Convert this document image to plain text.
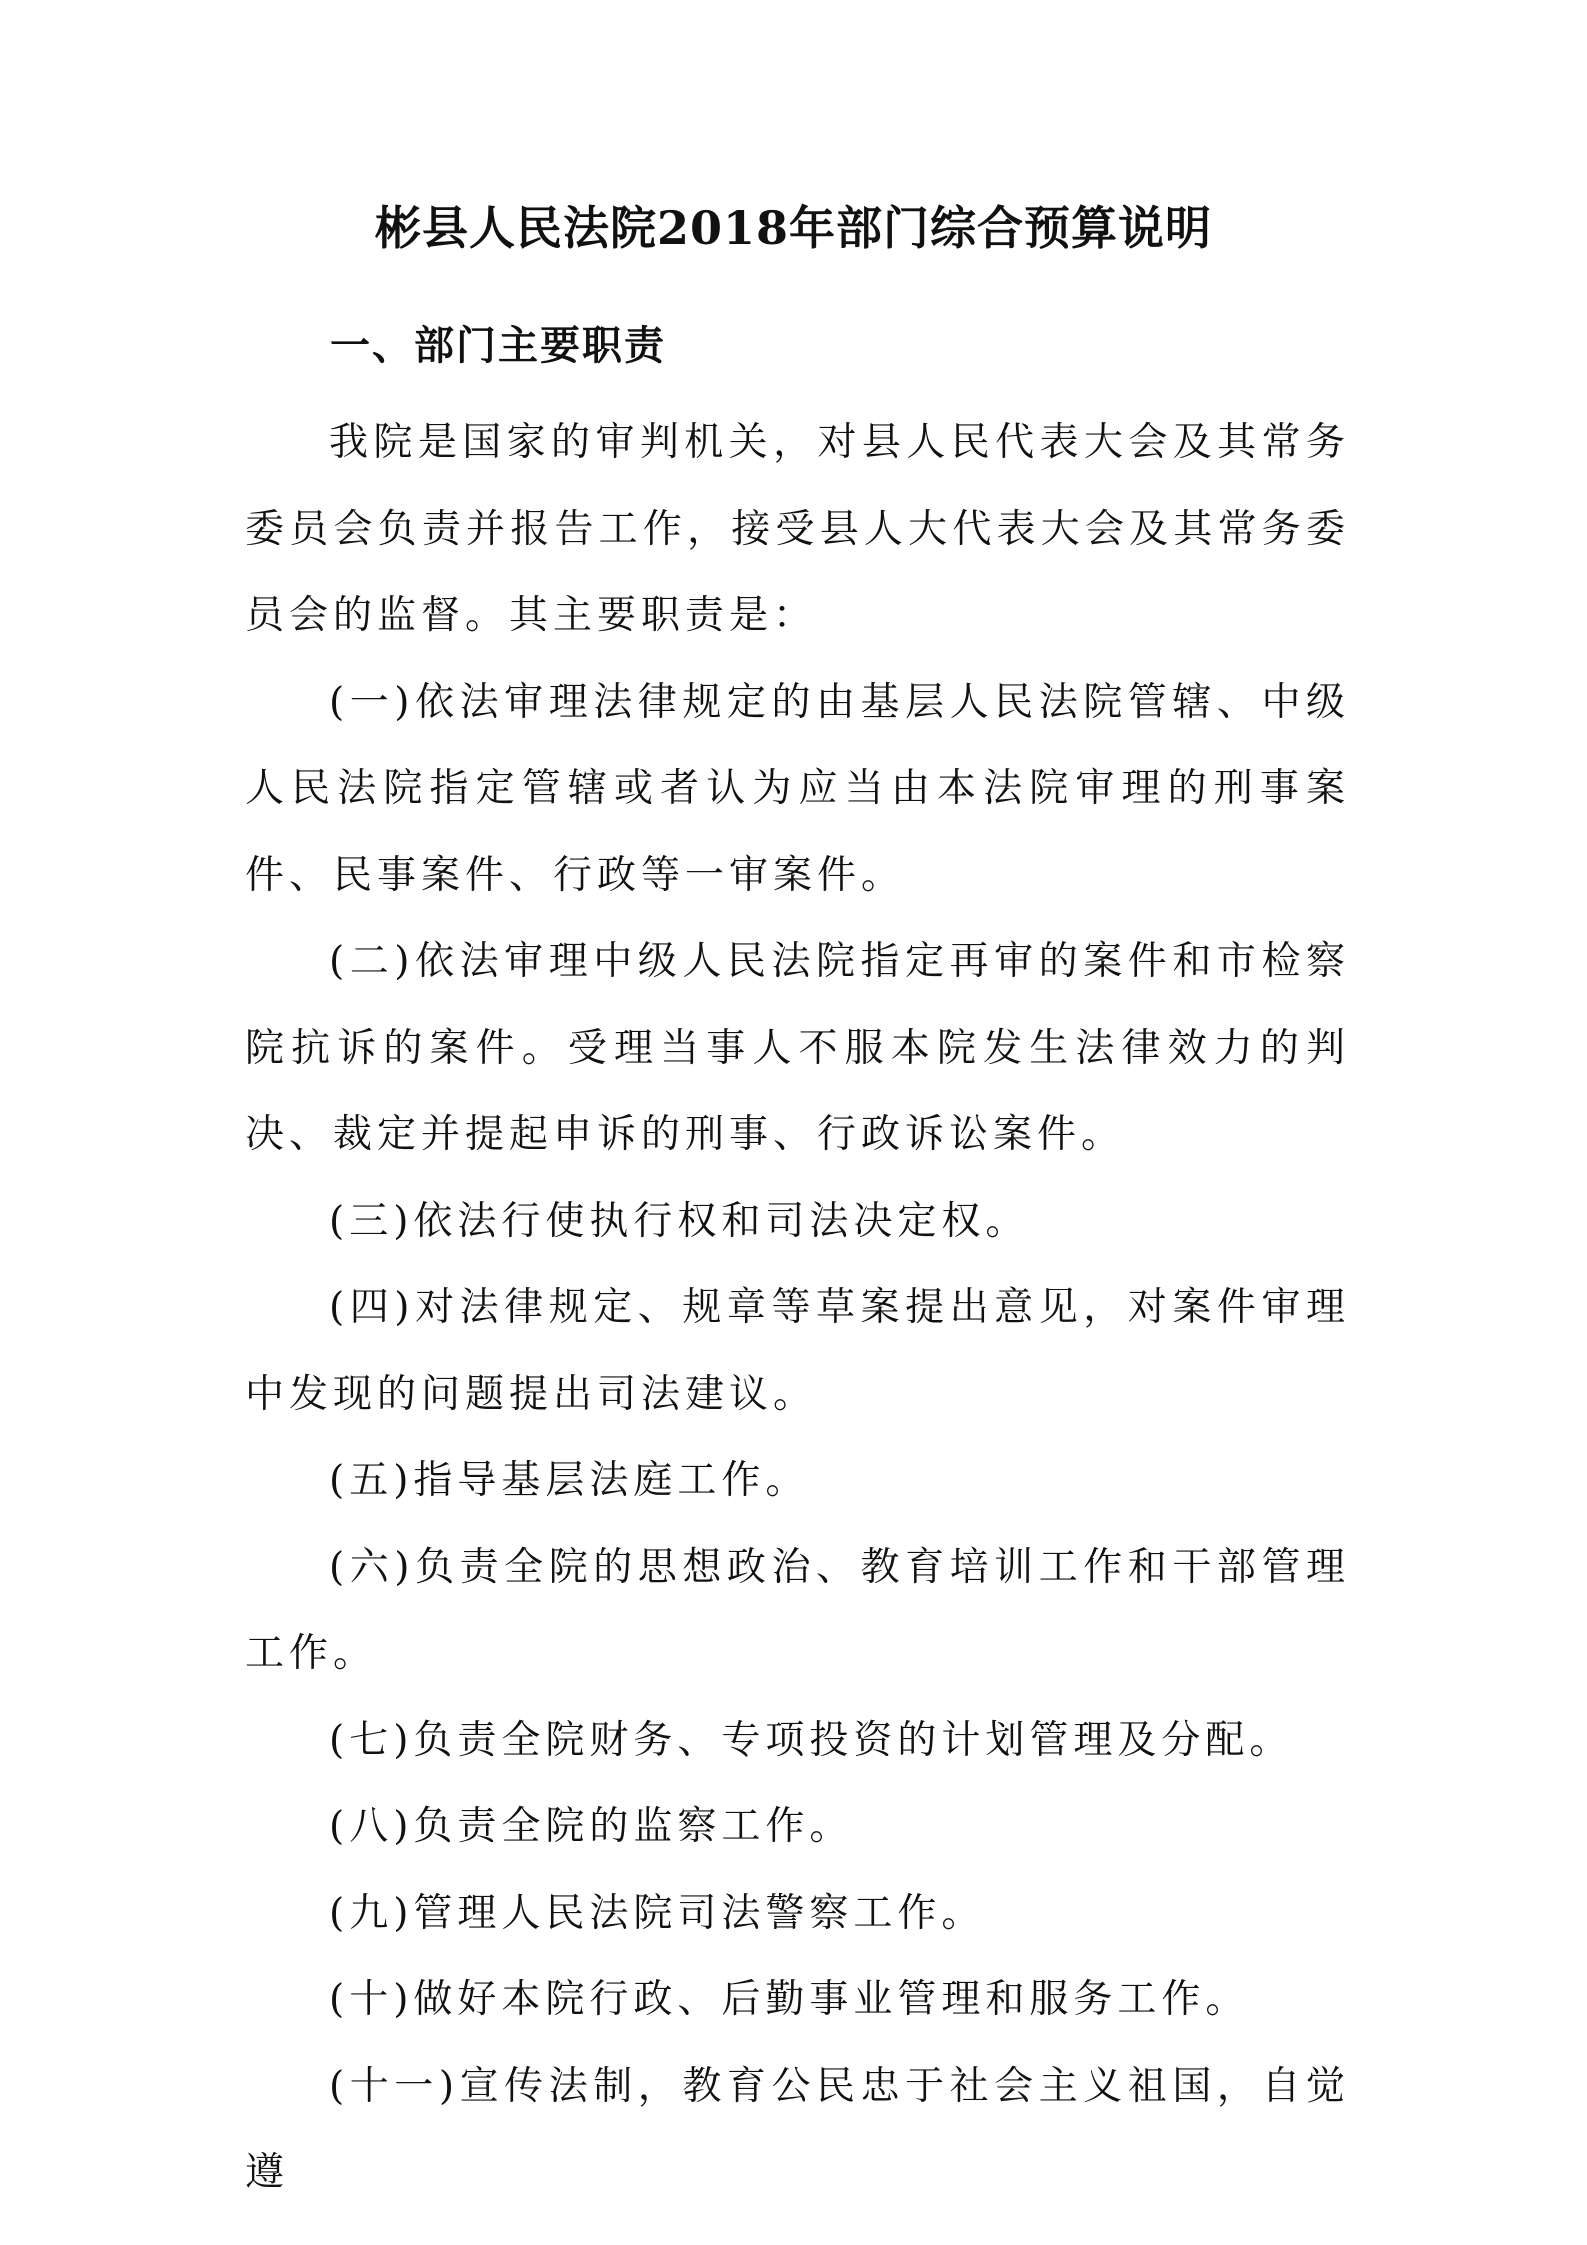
彬县人民法院2018年部门综合预算说明
一、部门主要职责

我院是国家的审判机关，对县人民代表大会及其常务委员会负责并报告工作，接受县人大代表大会及其常务委员会的监督。其主要职责是：

(一)依法审理法律规定的由基层人民法院管辖、中级人民法院指定管辖或者认为应当由本法院审理的刑事案件、民事案件、行政等一审案件。

(二)依法审理中级人民法院指定再审的案件和市检察院抗诉的案件。受理当事人不服本院发生法律效力的判决、裁定并提起申诉的刑事、行政诉讼案件。

(三)依法行使执行权和司法决定权。

(四)对法律规定、规章等草案提出意见，对案件审理中发现的问题提出司法建议。

(五)指导基层法庭工作。

(六)负责全院的思想政治、教育培训工作和干部管理工作。

(七)负责全院财务、专项投资的计划管理及分配。

(八)负责全院的监察工作。

(九)管理人民法院司法警察工作。

(十)做好本院行政、后勤事业管理和服务工作。

(十一)宣传法制，教育公民忠于社会主义祖国，自觉遵
